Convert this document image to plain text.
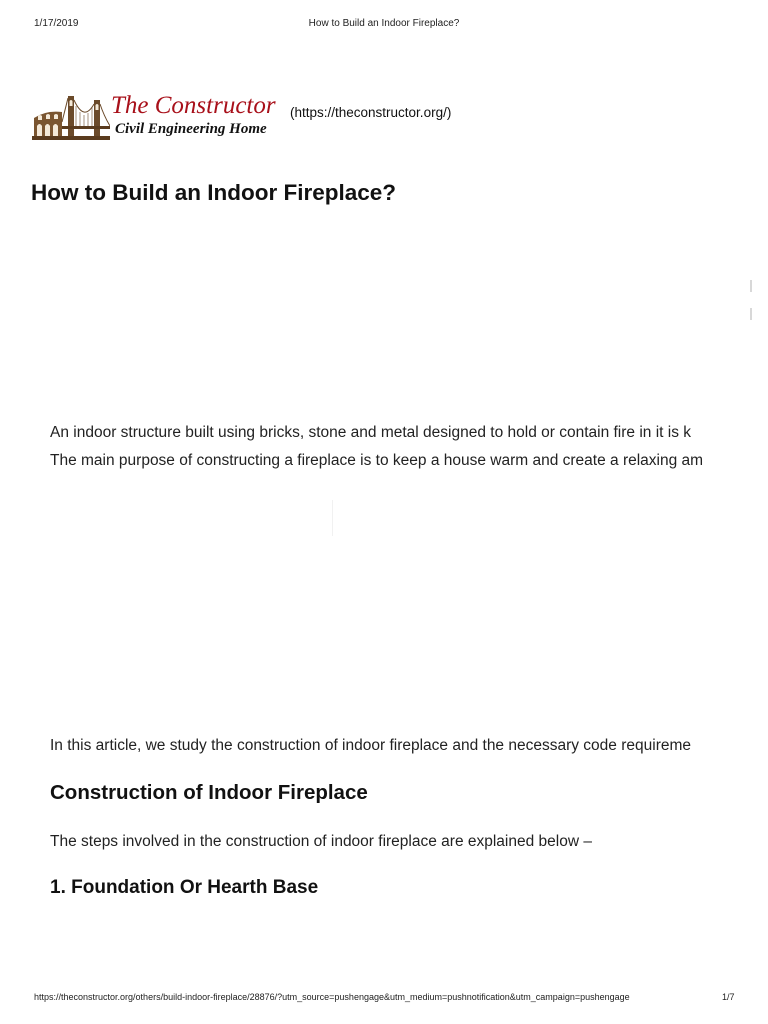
1/17/2019	How to Build an Indoor Fireplace?
The Constructor
Civil Engineering Home
(https://theconstructor.org/)
How to Build an Indoor Fireplace?
An indoor structure built using bricks, stone and metal designed to hold or contain fire in it is k
The main purpose of constructing a fireplace is to keep a house warm and create a relaxing am
In this article, we study the construction of indoor fireplace and the necessary code requireme
Construction of Indoor Fireplace
The steps involved in the construction of indoor fireplace are explained below –
1. Foundation Or Hearth Base
https://theconstructor.org/others/build-indoor-fireplace/28876/?utm_source=pushengage&utm_medium=pushnotification&utm_campaign=pushengage	1/7
